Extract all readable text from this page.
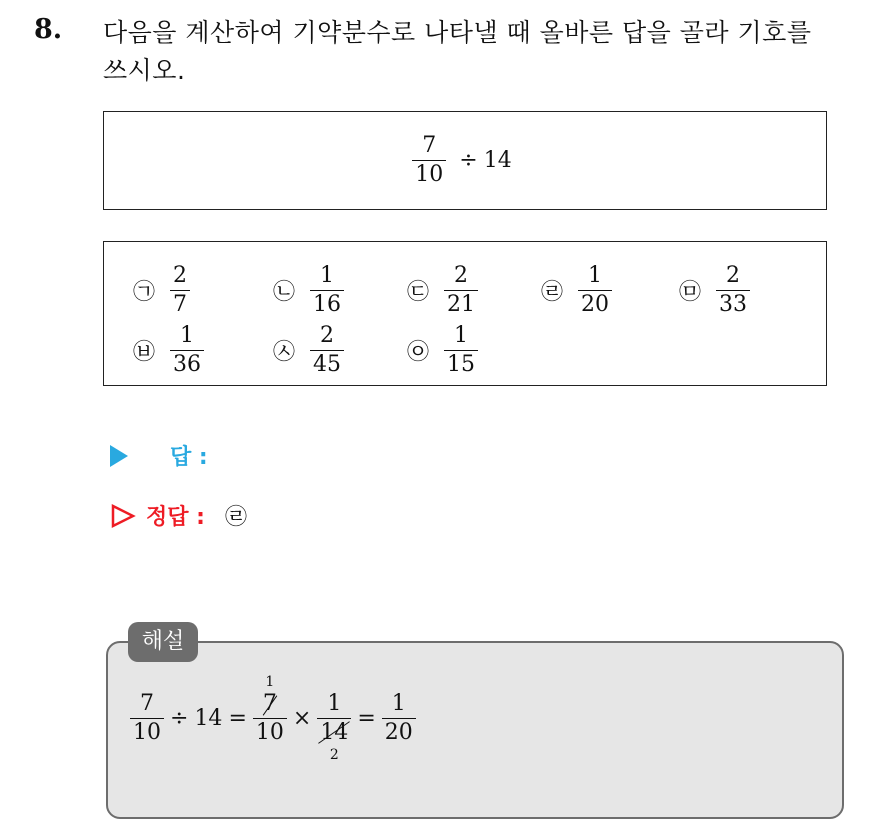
8. 다음을 계산하여 기약분수로 나타낼 때 올바른 답을 골라 기호를
쓰시오.
$\frac{7}{10} \div 14$
㉠ $\frac{2}{7}$	㉡ $\frac{1}{16}$	㉢ $\frac{2}{21}$	㉣ $\frac{1}{20}$	㉤ $\frac{2}{33}$
㉥ $\frac{1}{36}$	㉦ $\frac{2}{45}$	㉧ $\frac{1}{15}$
답 :
정답 : ㉣
해설
$\frac{7}{10} \div 14 = 7$
1
10 × 1
14
$2 = \frac{1}{20}$
